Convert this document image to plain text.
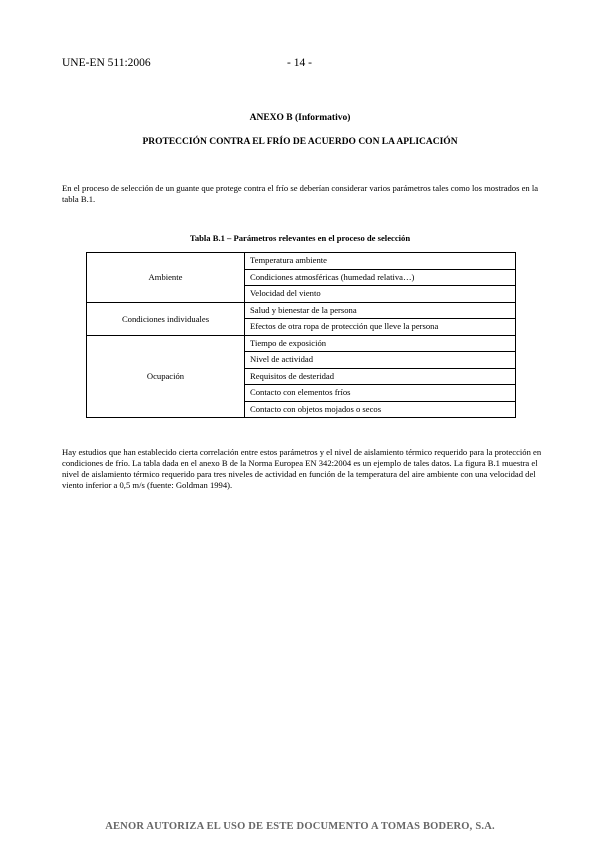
UNE-EN 511:2006	- 14 -
ANEXO B (Informativo)
PROTECCIÓN CONTRA EL FRÍO DE ACUERDO CON LA APLICACIÓN
En el proceso de selección de un guante que protege contra el frío se deberían considerar varios parámetros tales como los mostrados en la tabla B.1.
Tabla B.1 – Parámetros relevantes en el proceso de selección
Ambiente	Temperatura ambiente
Condiciones atmosféricas (humedad relativa…)
Velocidad del viento

Condiciones individuales	Salud y bienestar de la persona
Efectos de otra ropa de protección que lleve la persona

Ocupación	Tiempo de exposición
Nivel de actividad
Requisitos de desteridad
Contacto con elementos fríos
Contacto con objetos mojados o secos
Hay estudios que han establecido cierta correlación entre estos parámetros y el nivel de aislamiento térmico requerido para la protección en condiciones de frío. La tabla dada en el anexo B de la Norma Europea EN 342:2004 es un ejemplo de tales datos. La figura B.1 muestra el nivel de aislamiento térmico requerido para tres niveles de actividad en función de la temperatura del aire ambiente con una velocidad del viento inferior a 0,5 m/s (fuente: Goldman 1994).
AENOR AUTORIZA EL USO DE ESTE DOCUMENTO A TOMAS BODERO, S.A.
